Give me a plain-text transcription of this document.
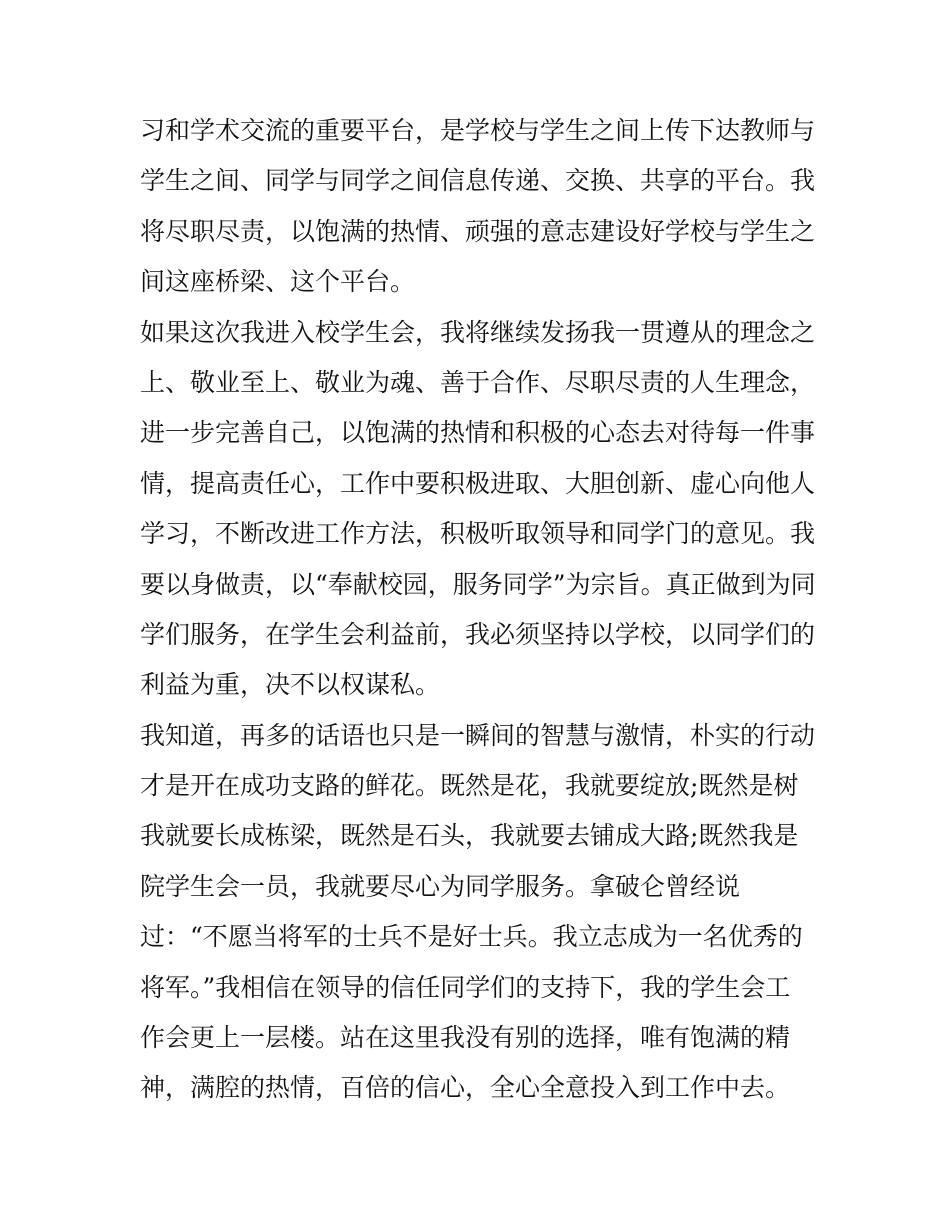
习和学术交流的重要平台，是学校与学生之间上传下达教师与
学生之间、同学与同学之间信息传递、交换、共享的平台。我
将尽职尽责，以饱满的热情、顽强的意志建设好学校与学生之
间这座桥梁、这个平台。
如果这次我进入校学生会，我将继续发扬我一贯遵从的理念之
上、敬业至上、敬业为魂、善于合作、尽职尽责的人生理念，
进一步完善自己，以饱满的热情和积极的心态去对待每一件事
情，提高责任心，工作中要积极进取、大胆创新、虚心向他人
学习，不断改进工作方法，积极听取领导和同学门的意见。我
要以身做责，以“奉献校园，服务同学”为宗旨。真正做到为同
学们服务，在学生会利益前，我必须坚持以学校，以同学们的
利益为重，决不以权谋私。
我知道，再多的话语也只是一瞬间的智慧与激情，朴实的行动
才是开在成功支路的鲜花。既然是花，我就要绽放;既然是树
我就要长成栋梁，既然是石头，我就要去铺成大路;既然我是
院学生会一员，我就要尽心为同学服务。拿破仑曾经说
过：“不愿当将军的士兵不是好士兵。我立志成为一名优秀的
将军。”我相信在领导的信任同学们的支持下，我的学生会工
作会更上一层楼。站在这里我没有别的选择，唯有饱满的精
神，满腔的热情，百倍的信心，全心全意投入到工作中去。
